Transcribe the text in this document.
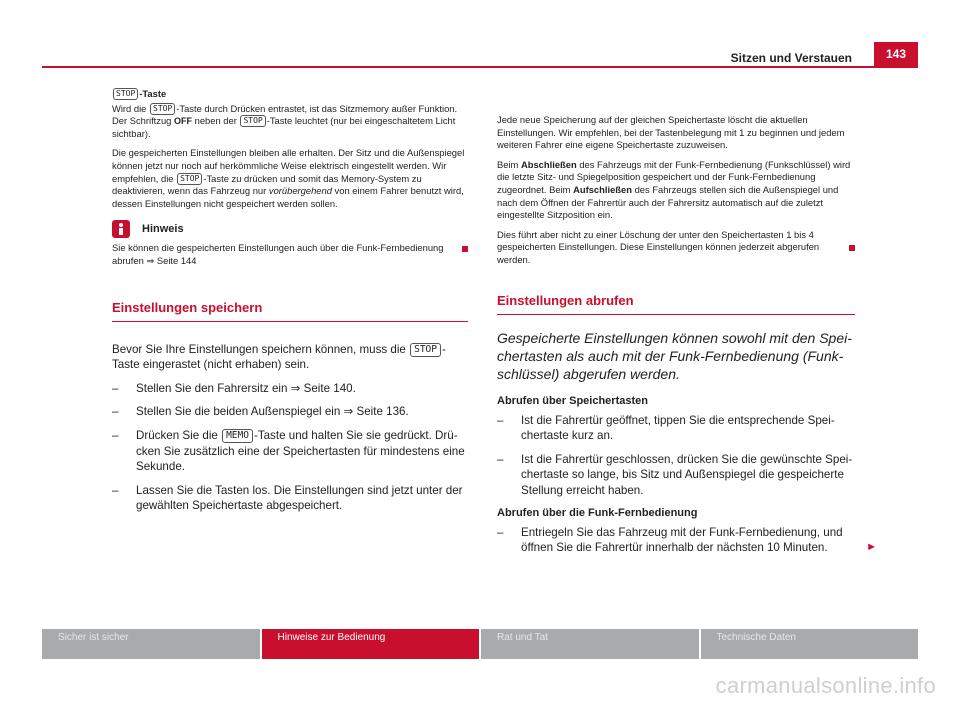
Sitzen und Verstauen	143

STOP -Taste

Wird die STOP -Taste durch Drücken entrastet, ist das Sitzmemory außer Funktion. Der Schriftzug OFF neben der STOP -Taste leuchtet (nur bei eingeschaltetem Licht sichtbar).

Die gespeicherten Einstellungen bleiben alle erhalten. Der Sitz und die Außenspiegel können jetzt nur noch auf herkömmliche Weise elektrisch eingestellt werden. Wir empfehlen, die STOP -Taste zu drücken und somit das Memory-System zu deaktivieren, wenn das Fahrzeug nur vorübergehend von einem Fahrer benutzt wird, dessen Einstellungen nicht gespeichert werden sollen.

Hinweis

Sie können die gespeicherten Einstellungen auch über die Funk-Fernbedienung abrufen ⇒ Seite 144

Einstellungen speichern

Bevor Sie Ihre Einstellungen speichern können, muss die STOP -Taste eingerastet (nicht erhaben) sein.

– Stellen Sie den Fahrersitz ein ⇒ Seite 140.
– Stellen Sie die beiden Außenspiegel ein ⇒ Seite 136.
– Drücken Sie die MEMO -Taste und halten Sie sie gedrückt. Drücken Sie zusätzlich eine der Speichertasten für mindestens eine Sekunde.
– Lassen Sie die Tasten los. Die Einstellungen sind jetzt unter der gewählten Speichertaste abgespeichert.

Jede neue Speicherung auf der gleichen Speichertaste löscht die aktuellen Einstellungen. Wir empfehlen, bei der Tastenbelegung mit 1 zu beginnen und jedem weiteren Fahrer eine eigene Speichertaste zuzuweisen.

Beim Abschließen des Fahrzeugs mit der Funk-Fernbedienung (Funkschlüssel) wird die letzte Sitz- und Spiegelposition gespeichert und der Funk-Fernbedienung zugeordnet. Beim Aufschließen des Fahrzeugs stellen sich die Außenspiegel und nach dem Öffnen der Fahrertür auch der Fahrersitz automatisch auf die zuletzt eingestellte Sitzposition ein.

Dies führt aber nicht zu einer Löschung der unter den Speichertasten 1 bis 4 gespeicherten Einstellungen. Diese Einstellungen können jederzeit abgerufen werden.

Einstellungen abrufen

Gespeicherte Einstellungen können sowohl mit den Speichertasten als auch mit der Funk-Fernbedienung (Funkschlüssel) abgerufen werden.

Abrufen über Speichertasten

– Ist die Fahrertür geöffnet, tippen Sie die entsprechende Speichertaste kurz an.
– Ist die Fahrertür geschlossen, drücken Sie die gewünschte Speichertaste so lange, bis Sitz und Außenspiegel die gespeicherte Stellung erreicht haben.

Abrufen über die Funk-Fernbedienung

– Entriegeln Sie das Fahrzeug mit der Funk-Fernbedienung, und öffnen Sie die Fahrertür innerhalb der nächsten 10 Minuten.	►
Sicher ist sicher	Hinweise zur Bedienung	Rat und Tat	Technische Daten
carmanualsonline.info
